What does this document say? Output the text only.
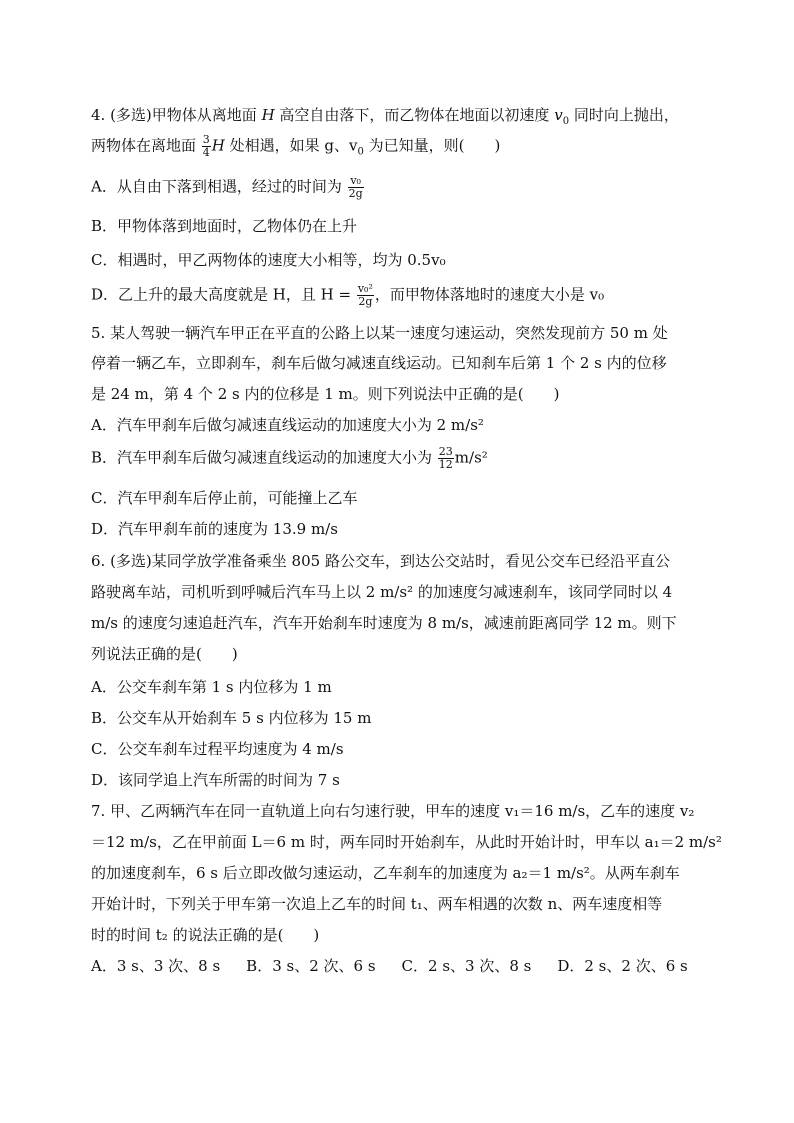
4. (多选)甲物体从离地面 H 高空自由落下，而乙物体在地面以初速度 $v_0$ 同时向上抛出，
两物体在离地面 $\frac{3}{4}$ H 处相遇，如果 g、$v_0$ 为已知量，则(　　)
A．从自由下落到相遇，经过的时间为 $\frac{\text{v₀}}{2g}$
B．甲物体落到地面时，乙物体仍在上升
C．相遇时，甲乙两物体的速度大小相等，均为 0.5v₀
D．乙上升的最大高度就是 H，且 $H = \frac{\text{v₀²}}{2g}$ ，而甲物体落地时的速度大小是 v₀
5. 某人驾驶一辆汽车甲正在平直的公路上以某一速度匀速运动，突然发现前方 50 m 处
停着一辆乙车，立即刹车，刹车后做匀减速直线运动。已知刹车后第 1 个 2 s 内的位移
是 24 m，第 4 个 2 s 内的位移是 1 m。则下列说法中正确的是(　　)
A．汽车甲刹车后做匀减速直线运动的加速度大小为 2 m/s²
B．汽车甲刹车后做匀减速直线运动的加速度大小为 $\frac{23}{12} m/s^2$
C．汽车甲刹车后停止前，可能撞上乙车
D．汽车甲刹车前的速度为 13.9 m/s
6. (多选)某同学放学准备乘坐 805 路公交车，到达公交站时，看见公交车已经沿平直公
路驶离车站，司机听到呼喊后汽车马上以 2 m/s² 的加速度匀减速刹车，该同学同时以 4
m/s 的速度匀速追赶汽车，汽车开始刹车时速度为 8 m/s，减速前距离同学 12 m。则下
列说法正确的是(　　)
A．公交车刹车第 1 s 内位移为 1 m
B．公交车从开始刹车 5 s 内位移为 15 m
C．公交车刹车过程平均速度为 4 m/s
D．该同学追上汽车所需的时间为 7 s
7. 甲、乙两辆汽车在同一直轨道上向右匀速行驶，甲车的速度 v₁＝16 m/s，乙车的速度 v₂
＝12 m/s，乙在甲前面 L＝6 m 时，两车同时开始刹车，从此时开始计时，甲车以 a₁＝2 m/s²
的加速度刹车，6 s 后立即改做匀速运动，乙车刹车的加速度为 a₂＝1 m/s²。从两车刹车
开始计时，下列关于甲车第一次追上乙车的时间 t₁、两车相遇的次数 n、两车速度相等
时的时间 t₂ 的说法正确的是(　　)
A．3 s、3 次、8 s B．3 s、2 次、6 s C．2 s、3 次、8 s D．2 s、2 次、6 s
